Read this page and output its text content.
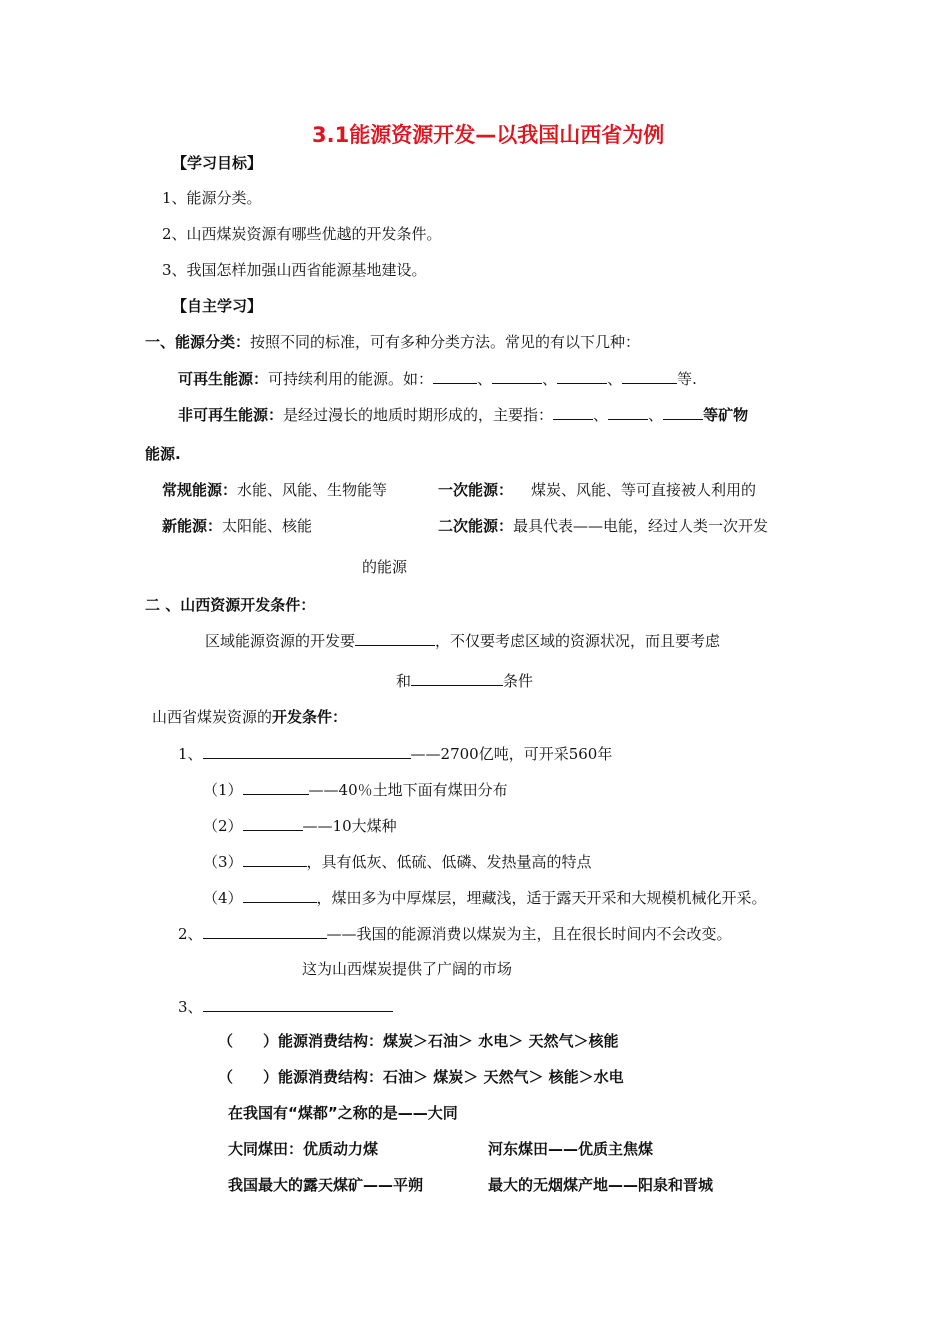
3.1能源资源开发—以我国山西省为例
【学习目标】
1、能源分类。
2、山西煤炭资源有哪些优越的开发条件。
3、我国怎样加强山西省能源基地建设。
【自主学习】
一、能源分类：按照不同的标准，可有多种分类方法。常见的有以下几种：
可再生能源：可持续利用的能源。如：	、	、	、	等.
非可再生能源：是经过漫长的地质时期形成的，主要指：	、	、	等矿物
能源.
常规能源：水能、风能、生物能等	一次能源： 煤炭、风能、等可直接被人利用的
新能源：太阳能、核能	二次能源：最具代表——电能，经过人类一次开发
的能源
二 、山西资源开发条件：
区域能源资源的开发要	，不仅要考虑区域的资源状况，而且要考虑
和	条件
山西省煤炭资源的开发条件：
1、	——2700亿吨，可开采560年
（1）	——40％土地下面有煤田分布
（2）	——10大煤种
（3）	，具有低灰、低硫、低磷、发热量高的特点
（4）	，煤田多为中厚煤层，埋藏浅，适于露天开采和大规模机械化开采。
2、	——我国的能源消费以煤炭为主，且在很长时间内不会改变。
这为山西煤炭提供了广阔的市场
3、
（　　）能源消费结构：煤炭＞石油＞ 水电＞ 天然气＞核能
（　　）能源消费结构：石油＞ 煤炭＞ 天然气＞ 核能＞水电
在我国有“煤都”之称的是——大同
大同煤田：优质动力煤	河东煤田——优质主焦煤
我国最大的露天煤矿——平朔	最大的无烟煤产地——阳泉和晋城
